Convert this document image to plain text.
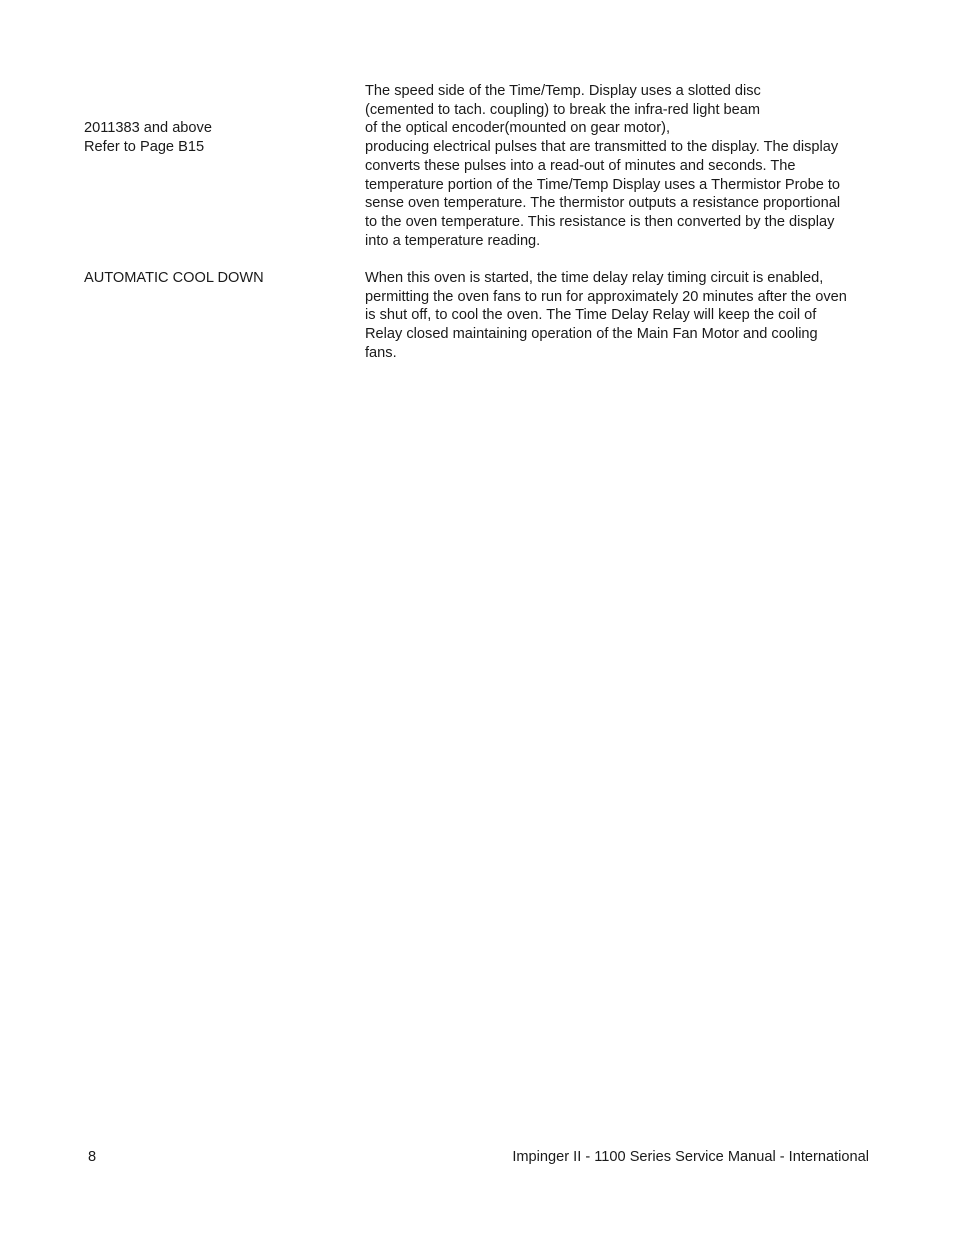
2011383 and above
Refer to Page B15
The speed side of the Time/Temp. Display uses a slotted disc
(cemented to tach. coupling) to break the infra-red light beam
of the optical encoder(mounted on gear motor),
producing electrical pulses that are transmitted to the display. The display
converts these pulses into a read-out of minutes and seconds. The
temperature portion of the Time/Temp Display uses a Thermistor Probe to
sense oven temperature. The thermistor outputs a resistance proportional
to the oven temperature. This resistance is then converted by the display
into a temperature reading.
AUTOMATIC COOL DOWN	When this oven is started, the time delay relay timing circuit is enabled,
permitting the oven fans to run for approximately 20 minutes after the oven
is shut off, to cool the oven. The Time Delay Relay will keep the coil of
Relay closed maintaining operation of the Main Fan Motor and cooling
fans.
8	Impinger II - 1100 Series Service Manual - International
